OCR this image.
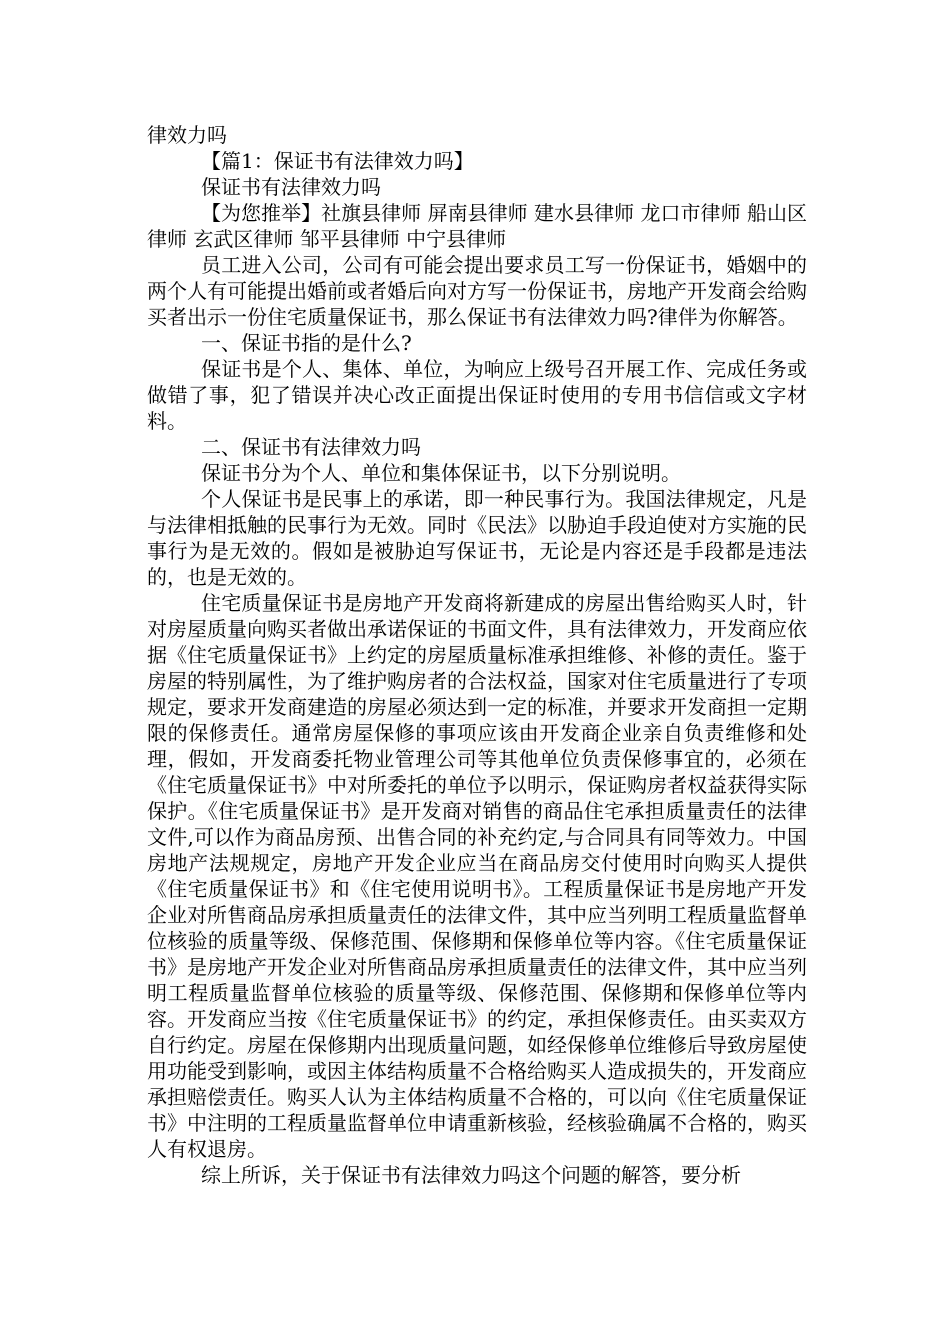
律效力吗

【篇1：保证书有法律效力吗】

保证书有法律效力吗

【为您推举】社旗县律师 屏南县律师 建水县律师 龙口市律师 船山区律师 玄武区律师 邹平县律师 中宁县律师

员工进入公司，公司有可能会提出要求员工写一份保证书，婚姻中的两个人有可能提出婚前或者婚后向对方写一份保证书，房地产开发商会给购买者出示一份住宅质量保证书，那么保证书有法律效力吗?律伴为你解答。

一、保证书指的是什么?

保证书是个人、集体、单位，为响应上级号召开展工作、完成任务或做错了事，犯了错误并决心改正面提出保证时使用的专用书信信或文字材料。

二、保证书有法律效力吗

保证书分为个人、单位和集体保证书，以下分别说明。

个人保证书是民事上的承诺，即一种民事行为。我国法律规定，凡是与法律相抵触的民事行为无效。同时《民法》以胁迫手段迫使对方实施的民事行为是无效的。假如是被胁迫写保证书，无论是内容还是手段都是违法的，也是无效的。

住宅质量保证书是房地产开发商将新建成的房屋出售给购买人时，针对房屋质量向购买者做出承诺保证的书面文件，具有法律效力，开发商应依据《住宅质量保证书》上约定的房屋质量标准承担维修、补修的责任。鉴于房屋的特别属性，为了维护购房者的合法权益，国家对住宅质量进行了专项规定，要求开发商建造的房屋必须达到一定的标准，并要求开发商担一定期限的保修责任。通常房屋保修的事项应该由开发商企业亲自负责维修和处理，假如，开发商委托物业管理公司等其他单位负责保修事宜的，必须在《住宅质量保证书》中对所委托的单位予以明示，保证购房者权益获得实际保护。《住宅质量保证书》是开发商对销售的商品住宅承担质量责任的法律文件,可以作为商品房预、出售合同的补充约定,与合同具有同等效力。中国房地产法规规定，房地产开发企业应当在商品房交付使用时向购买人提供《住宅质量保证书》和《住宅使用说明书》。工程质量保证书是房地产开发企业对所售商品房承担质量责任的法律文件，其中应当列明工程质量监督单位核验的质量等级、保修范围、保修期和保修单位等内容。《住宅质量保证书》是房地产开发企业对所售商品房承担质量责任的法律文件，其中应当列明工程质量监督单位核验的质量等级、保修范围、保修期和保修单位等内容。开发商应当按《住宅质量保证书》的约定，承担保修责任。由买卖双方自行约定。房屋在保修期内出现质量问题，如经保修单位维修后导致房屋使用功能受到影响，或因主体结构质量不合格给购买人造成损失的，开发商应承担赔偿责任。购买人认为主体结构质量不合格的，可以向《住宅质量保证书》中注明的工程质量监督单位申请重新核验，经核验确属不合格的，购买人有权退房。

综上所诉，关于保证书有法律效力吗这个问题的解答，要分析
